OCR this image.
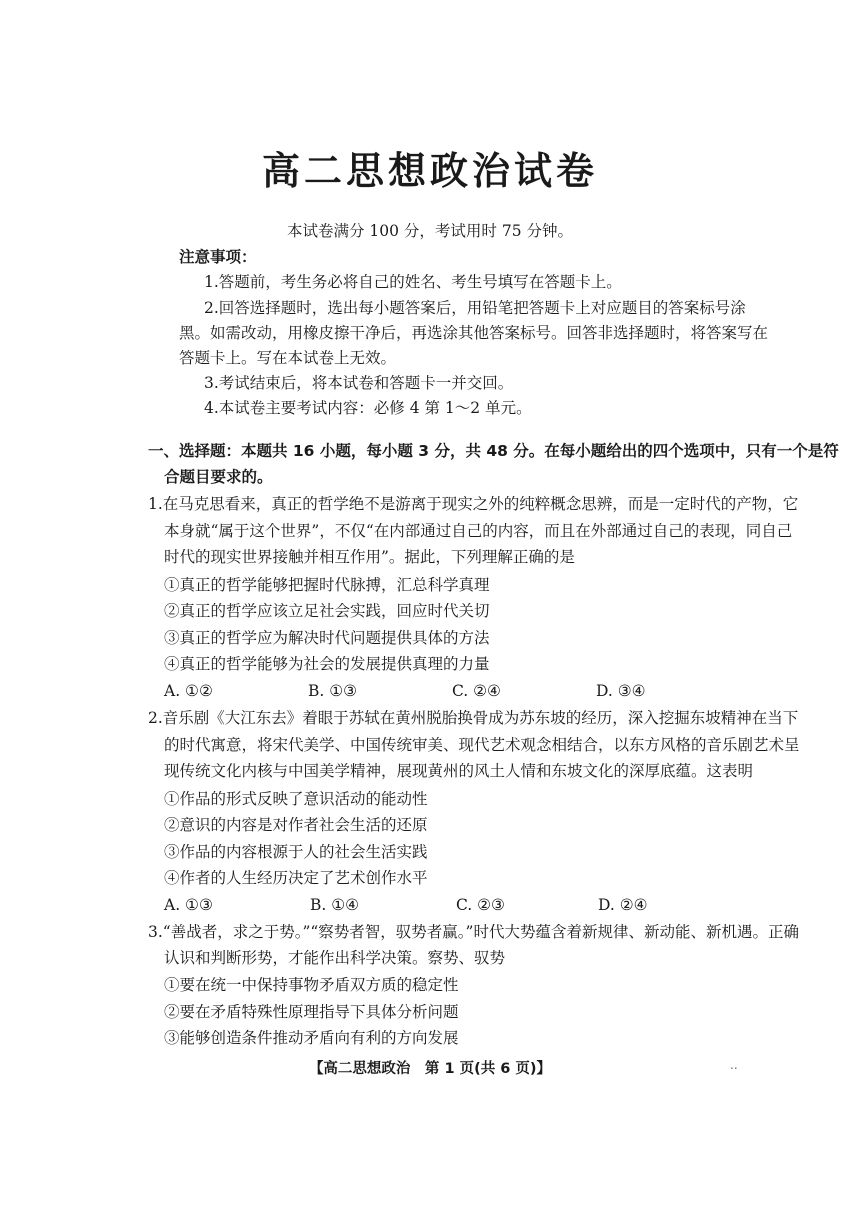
高二思想政治试卷
本试卷满分 100 分，考试用时 75 分钟。
注意事项：
1.答题前，考生务必将自己的姓名、考生号填写在答题卡上。
2.回答选择题时，选出每小题答案后，用铅笔把答题卡上对应题目的答案标号涂
黑。如需改动，用橡皮擦干净后，再选涂其他答案标号。回答非选择题时，将答案写在
答题卡上。写在本试卷上无效。
3.考试结束后，将本试卷和答题卡一并交回。
4.本试卷主要考试内容：必修 4 第 1～2 单元。
一、选择题：本题共 16 小题，每小题 3 分，共 48 分。在每小题给出的四个选项中，只有一个是符
合题目要求的。
1.在马克思看来，真正的哲学绝不是游离于现实之外的纯粹概念思辨，而是一定时代的产物，它
本身就“属于这个世界”，不仅“在内部通过自己的内容，而且在外部通过自己的表现，同自己
时代的现实世界接触并相互作用”。据此，下列理解正确的是
①真正的哲学能够把握时代脉搏，汇总科学真理
②真正的哲学应该立足社会实践，回应时代关切
③真正的哲学应为解决时代问题提供具体的方法
④真正的哲学能够为社会的发展提供真理的力量
A. ①②	B. ①③	C. ②④	D. ③④
2.音乐剧《大江东去》着眼于苏轼在黄州脱胎换骨成为苏东坡的经历，深入挖掘东坡精神在当下
的时代寓意，将宋代美学、中国传统审美、现代艺术观念相结合，以东方风格的音乐剧艺术呈
现传统文化内核与中国美学精神，展现黄州的风土人情和东坡文化的深厚底蕴。这表明
①作品的形式反映了意识活动的能动性
②意识的内容是对作者社会生活的还原
③作品的内容根源于人的社会生活实践
④作者的人生经历决定了艺术创作水平
A. ①③	B. ①④	C. ②③	D. ②④
3.“善战者，求之于势。”“察势者智，驭势者赢。”时代大势蕴含着新规律、新动能、新机遇。正确
认识和判断形势，才能作出科学决策。察势、驭势
①要在统一中保持事物矛盾双方质的稳定性
②要在矛盾特殊性原理指导下具体分析问题
③能够创造条件推动矛盾向有利的方向发展
【高二思想政治　第 1 页(共 6 页)】	..
